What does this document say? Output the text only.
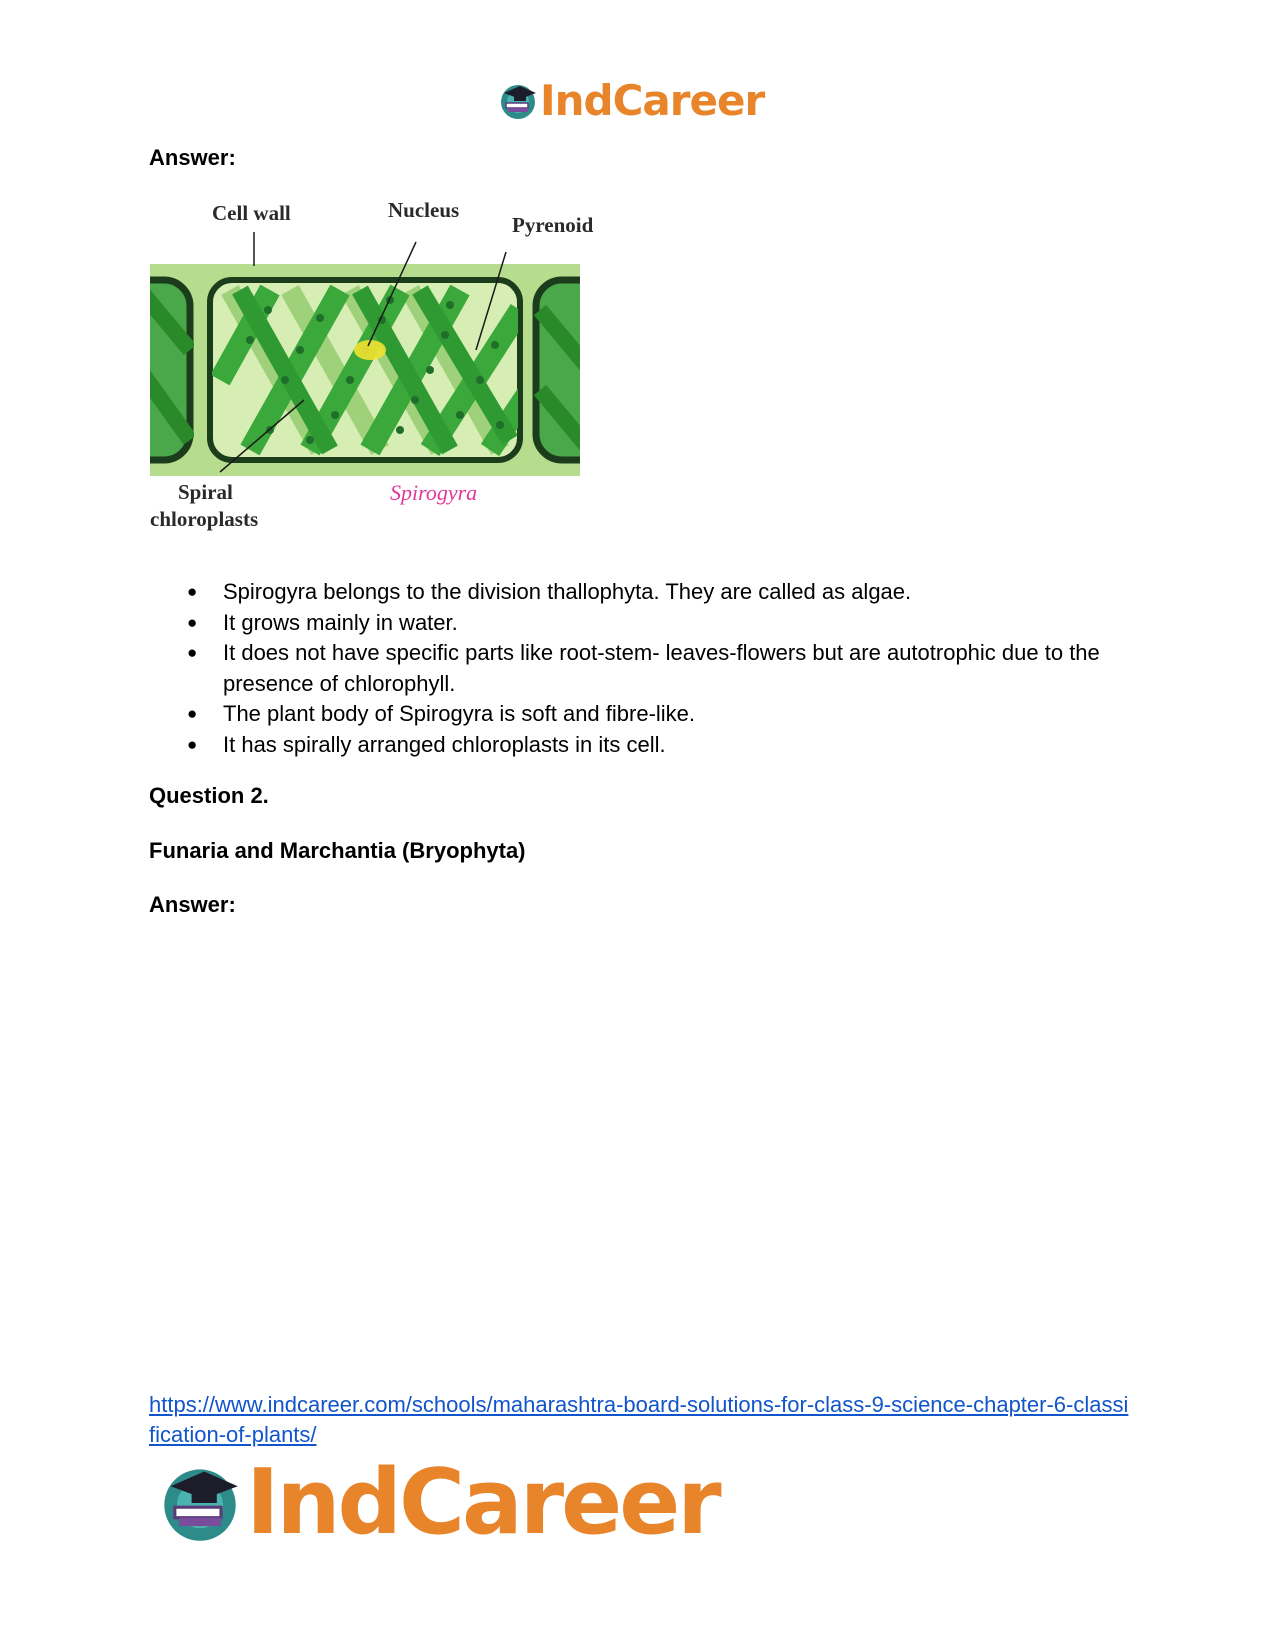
IndCareer

Answer:

Cell wall	Nucleus
Pyrenoid
Spiral
chloroplasts
Spirogyra
● Spirogyra belongs to the division thallophyta. They are called as algae.
● It grows mainly in water.
● It does not have specific parts like root-stem- leaves-flowers but are autotrophic due to the presence of chlorophyll.
● The plant body of Spirogyra is soft and fibre-like.
● It has spirally arranged chloroplasts in its cell.

Question 2.

Funaria and Marchantia (Bryophyta)

Answer:

https://www.indcareer.com/schools/maharashtra-board-solutions-for-class-9-science-chapter-6-classification-of-plants/
IndCareer
